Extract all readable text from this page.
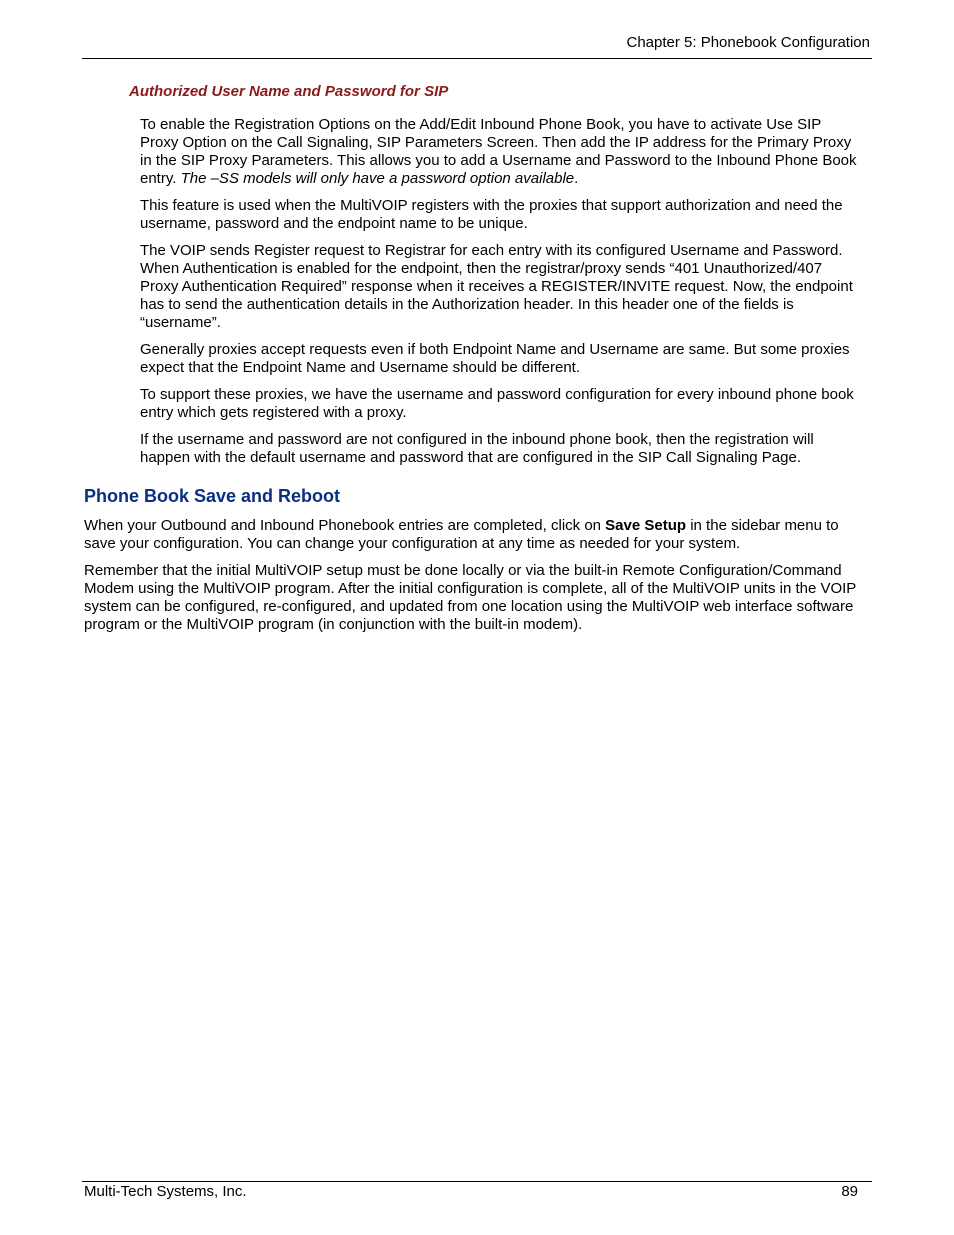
Chapter 5: Phonebook Configuration
Authorized User Name and Password for SIP

To enable the Registration Options on the Add/Edit Inbound Phone Book, you have to activate Use SIP Proxy Option on the Call Signaling, SIP Parameters Screen. Then add the IP address for the Primary Proxy in the SIP Proxy Parameters. This allows you to add a Username and Password to the Inbound Phone Book entry. The –SS models will only have a password option available.

This feature is used when the MultiVOIP registers with the proxies that support authorization and need the username, password and the endpoint name to be unique.

The VOIP sends Register request to Registrar for each entry with its configured Username and Password. When Authentication is enabled for the endpoint, then the registrar/proxy sends “401 Unauthorized/407 Proxy Authentication Required” response when it receives a REGISTER/INVITE request. Now, the endpoint has to send the authentication details in the Authorization header. In this header one of the fields is “username”.

Generally proxies accept requests even if both Endpoint Name and Username are same. But some proxies expect that the Endpoint Name and Username should be different.

To support these proxies, we have the username and password configuration for every inbound phone book entry which gets registered with a proxy.

If the username and password are not configured in the inbound phone book, then the registration will happen with the default username and password that are configured in the SIP Call Signaling Page.

Phone Book Save and Reboot

When your Outbound and Inbound Phonebook entries are completed, click on Save Setup in the sidebar menu to save your configuration. You can change your configuration at any time as needed for your system.

Remember that the initial MultiVOIP setup must be done locally or via the built-in Remote Configuration/Command Modem using the MultiVOIP program. After the initial configuration is complete, all of the MultiVOIP units in the VOIP system can be configured, re-configured, and updated from one location using the MultiVOIP web interface software program or the MultiVOIP program (in conjunction with the built-in modem).

Multi-Tech Systems, Inc.	89
